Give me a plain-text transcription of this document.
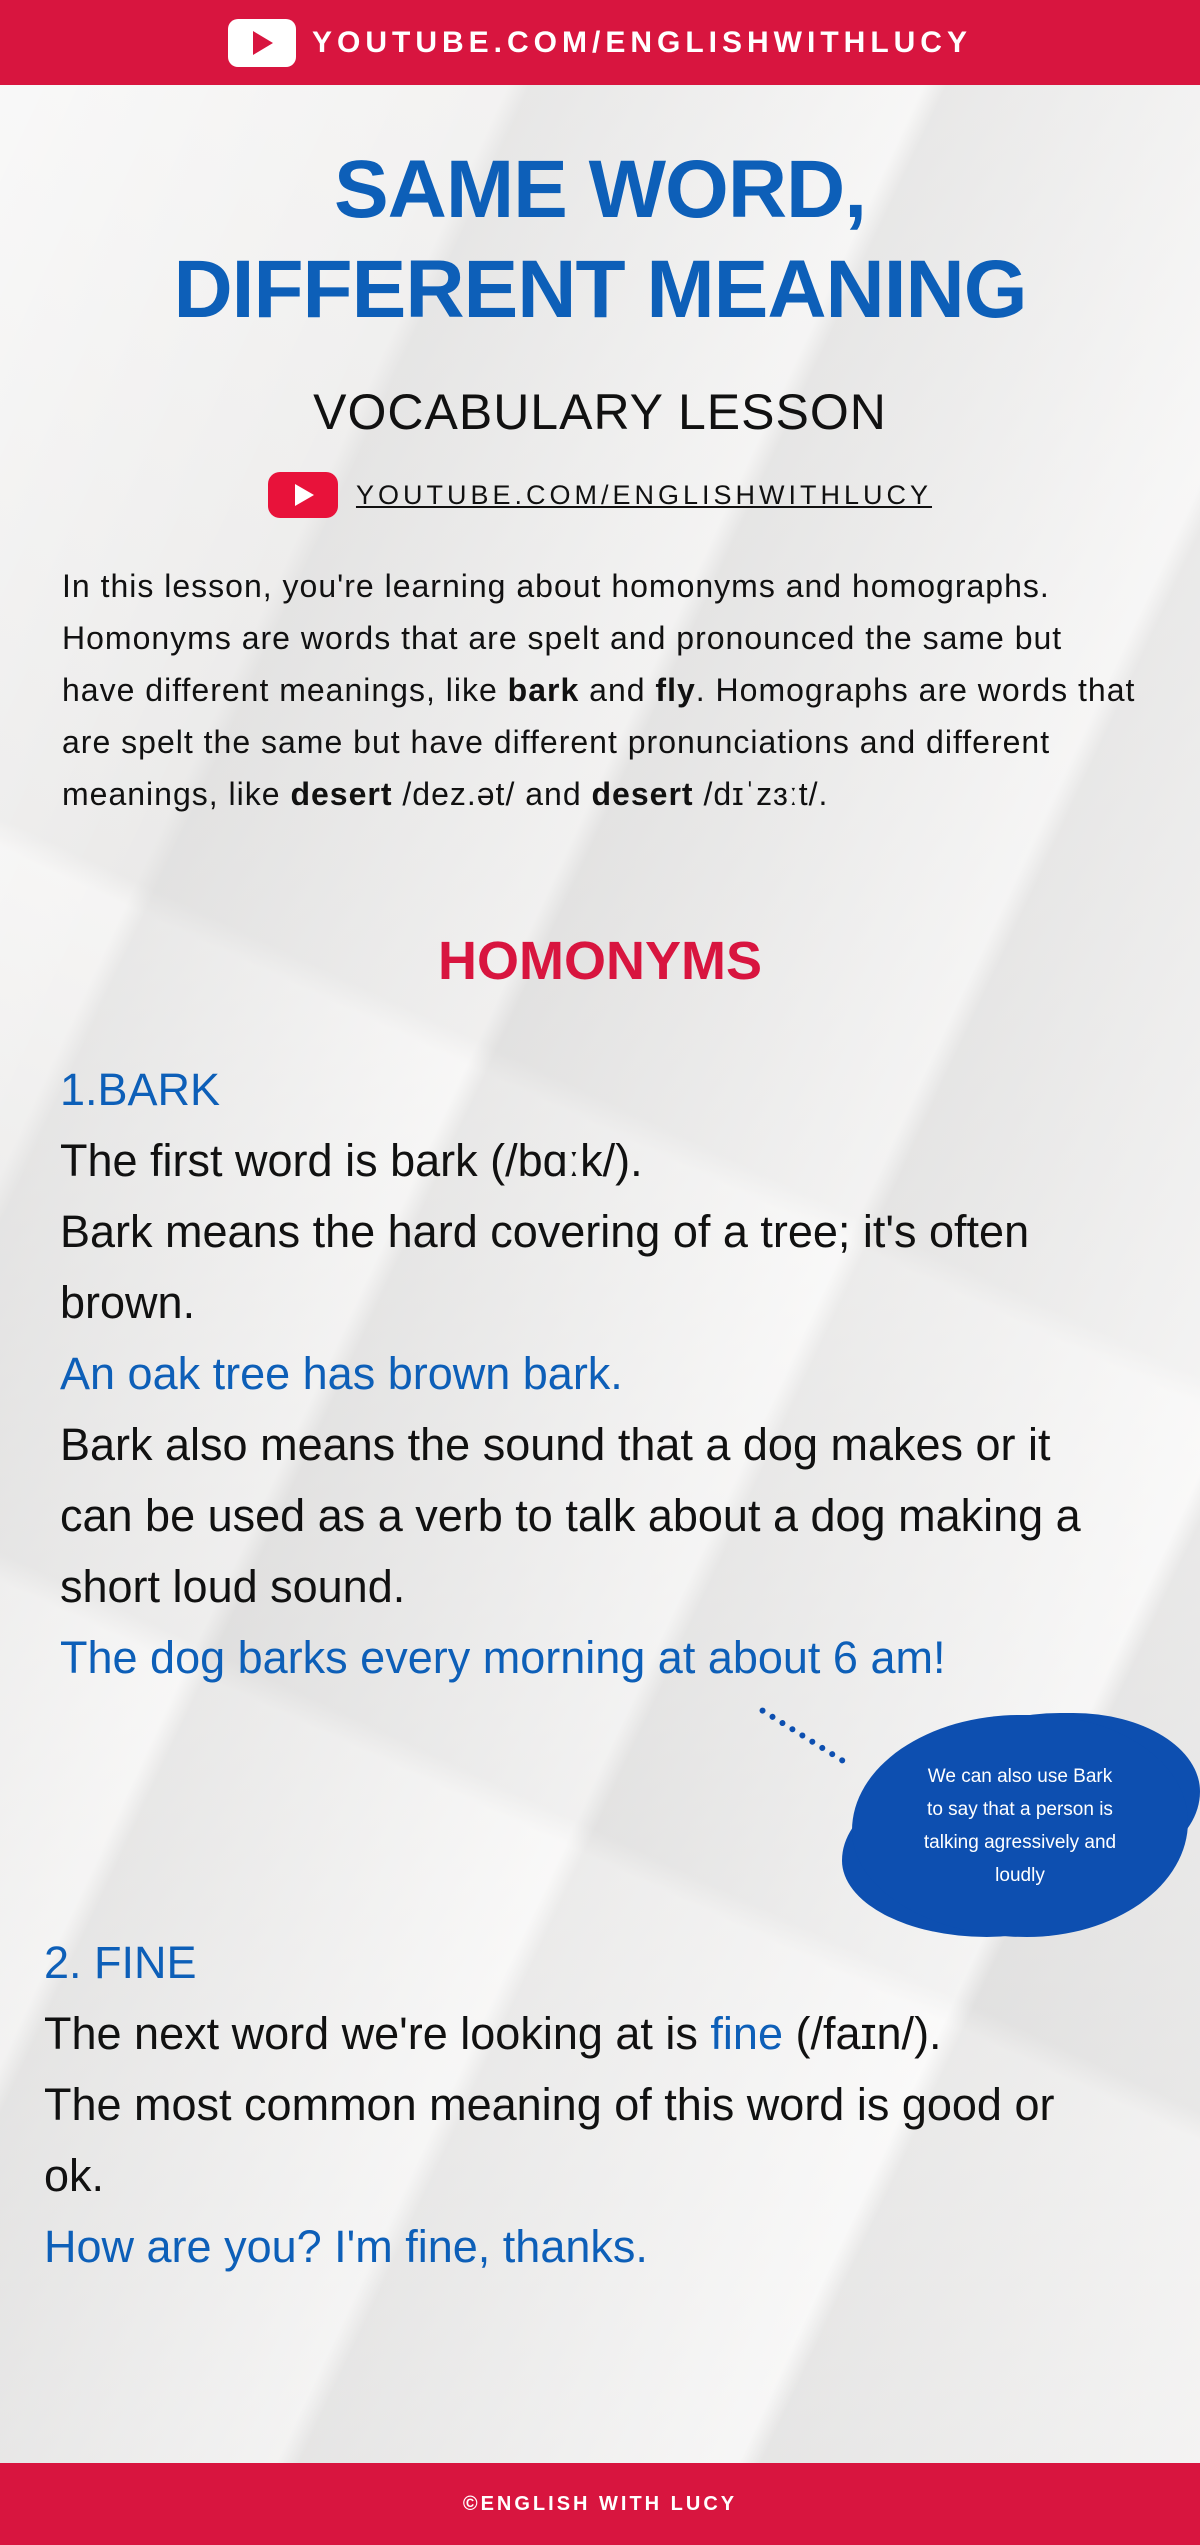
YOUTUBE.COM/ENGLISHWITHLUCY
SAME WORD,
DIFFERENT MEANING
VOCABULARY LESSON
YOUTUBE.COM/ENGLISHWITHLUCY
In this lesson, you're learning about homonyms and homographs. Homonyms are words that are spelt and pronounced the same but have different meanings, like bark and fly. Homographs are words that are spelt the same but have different pronunciations and different meanings, like desert /dez.ət/ and desert /dɪˈzɜːt/.
HOMONYMS

1.BARK

The first word is bark (/bɑːk/).

Bark means the hard covering of a tree; it's often brown.

An oak tree has brown bark.

Bark also means the sound that a dog makes or it can be used as a verb to talk about a dog making a short loud sound.

The dog barks every morning at about 6 am!

We can also use Bark to say that a person is talking agressively and loudly

2. FINE

The next word we're looking at is fine (/faɪn/).

The most common meaning of this word is good or ok.

How are you? I'm fine, thanks.

©ENGLISH WITH LUCY
